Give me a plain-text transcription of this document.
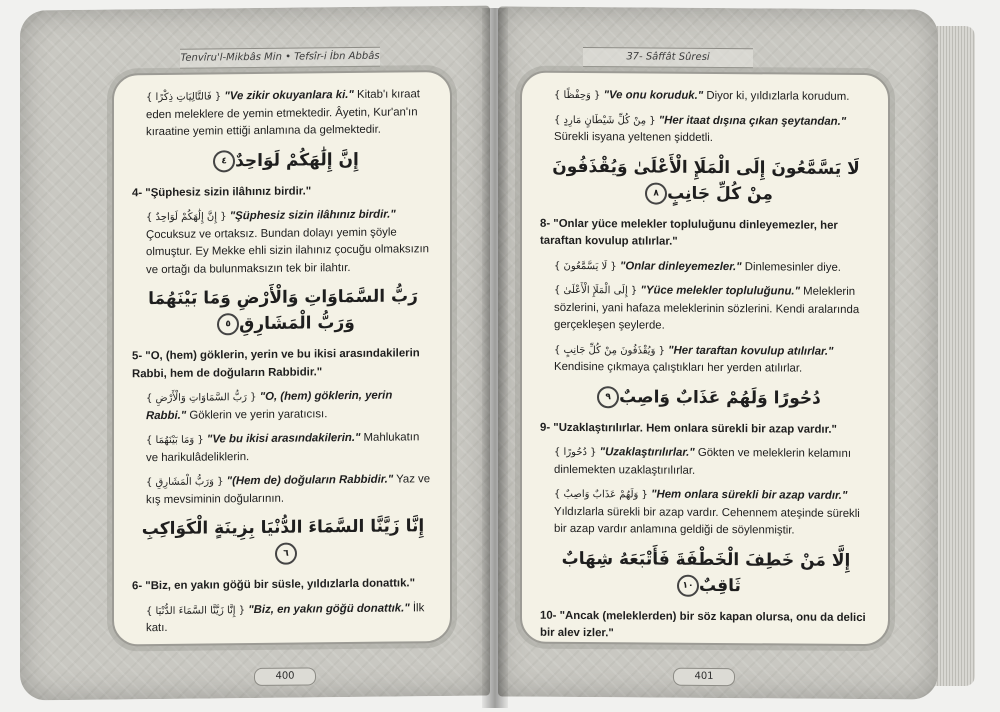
Tenvîru'l-Mikbâs Min • Tefsîr-i İbn Abbâs
{ فَالتَّالِيَاتِ ذِكْرًا } "Ve zikir okuyanlara ki." Kitab'ı kıraat eden meleklere de yemin etmektedir. Âyetin, Kur'an'ın kıraatine yemin ettiği anlamına da gelmektedir.
إِنَّ إِلَٰهَكُمْ لَوَاحِدٌ٤
4- "Şüphesiz sizin ilâhınız birdir."
{ إِنَّ إِلَٰهَكُمْ لَوَاحِدٌ } "Şüphesiz sizin ilâhınız birdir." Çocuksuz ve ortaksız. Bundan dolayı yemin şöyle olmuştur. Ey Mekke ehli sizin ilahınız çocuğu olmaksızın ve ortağı da bulunmaksızın tek bir ilahtır.
رَبُّ السَّمَاوَاتِ وَالْأَرْضِ وَمَا بَيْنَهُمَا وَرَبُّ الْمَشَارِقِ٥
5- "O, (hem) göklerin, yerin ve bu ikisi arasındakilerin Rabbi, hem de doğuların Rabbidir."
{ رَبُّ السَّمَاوَاتِ وَالْأَرْضِ } "O, (hem) göklerin, yerin Rabbi." Göklerin ve yerin yaratıcısı.
{ وَمَا بَيْنَهُمَا } "Ve bu ikisi arasındakilerin." Mahlukatın ve harikulâdeliklerin.
{ وَرَبُّ الْمَشَارِقِ } "(Hem de) doğuların Rabbidir." Yaz ve kış mevsiminin doğularının.
إِنَّا زَيَّنَّا السَّمَاءَ الدُّنْيَا بِزِينَةٍ الْكَوَاكِبِ٦
6- "Biz, en yakın göğü bir süsle, yıldızlarla donattık."
{ إِنَّا زَيَّنَّا السَّمَاءَ الدُّنْيَا } "Biz, en yakın göğü donattık." İlk katı.
400
37- Sâffât Sûresi
{ وَحِفْظًا } "Ve onu koruduk." Diyor ki, yıldızlarla korudum.
{ مِنْ كُلِّ شَيْطَانٍ مَارِدٍ } "Her itaat dışına çıkan şeytandan." Sürekli isyana yeltenen şiddetli.
لَا يَسَّمَّعُونَ إِلَى الْمَلَإِ الْأَعْلَىٰ وَيُقْذَفُونَ مِنْ كُلِّ جَانِبٍ٨
8- "Onlar yüce melekler topluluğunu dinleyemezler, her taraftan kovulup atılırlar."
{ لَا يَسَّمَّعُونَ } "Onlar dinleyemezler." Dinlemesinler diye.
{ إِلَى الْمَلَإِ الْأَعْلَىٰ } "Yüce melekler topluluğunu." Meleklerin sözlerini, yani hafaza meleklerinin sözlerini. Kendi aralarında gerçekleşen şeylerde.
{ وَيُقْذَفُونَ مِنْ كُلِّ جَانِبٍ } "Her taraftan kovulup atılırlar." Kendisine çıkmaya çalıştıkları her yerden atılırlar.
دُحُورًا وَلَهُمْ عَذَابٌ وَاصِبٌ٩
9- "Uzaklaştırılırlar. Hem onlara sürekli bir azap vardır."
{ دُحُورًا } "Uzaklaştırılırlar." Gökten ve meleklerin kelamını dinlemekten uzaklaştırılırlar.
{ وَلَهُمْ عَذَابٌ وَاصِبٌ } "Hem onlara sürekli bir azap vardır." Yıldızlarla sürekli bir azap vardır. Cehennem ateşinde sürekli bir azap vardır anlamına geldiği de söylenmiştir.
إِلَّا مَنْ خَطِفَ الْخَطْفَةَ فَأَتْبَعَهُ شِهَابٌ ثَاقِبٌ١٠
10- "Ancak (meleklerden) bir söz kapan olursa, onu da delici bir alev izler."
401
